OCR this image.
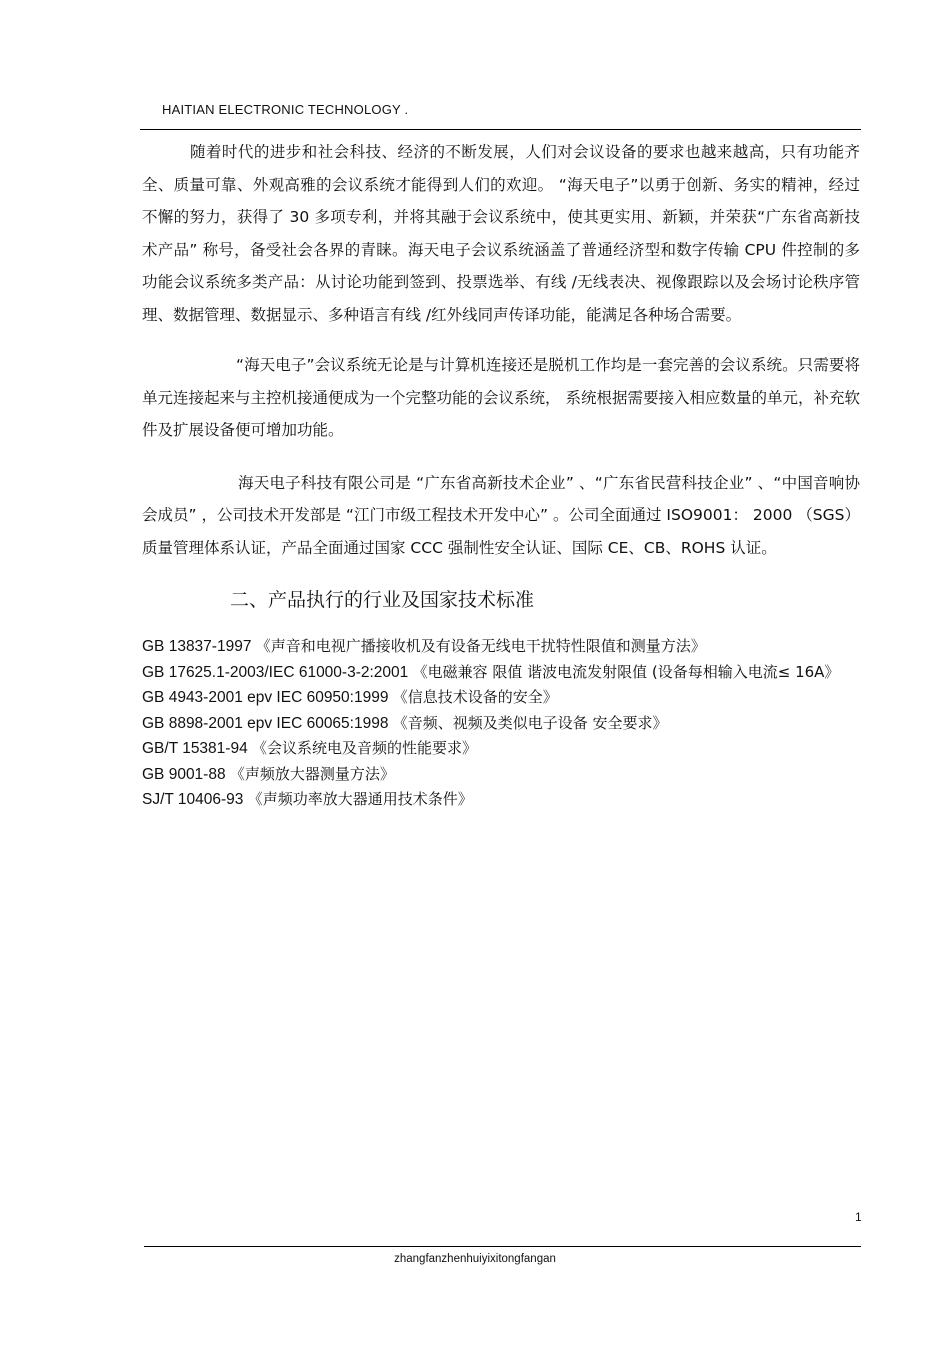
HAITIAN ELECTRONIC TECHNOLOGY .

随着时代的进步和社会科技、经济的不断发展，人们对会议设备的要求也越来越高，只有功能齐全、质量可靠、外观高雅的会议系统才能得到人们的欢迎。 “海天电子”以勇于创新、务实的精神，经过不懈的努力，获得了 30 多项专利，并将其融于会议系统中，使其更实用、新颖，并荣获“广东省高新技术产品” 称号，备受社会各界的青睐。海天电子会议系统涵盖了普通经济型和数字传输 CPU 件控制的多功能会议系统多类产品：从讨论功能到签到、投票选举、有线 /无线表决、视像跟踪以及会场讨论秩序管理、数据管理、数据显示、多种语言有线 /红外线同声传译功能，能满足各种场合需要。

“海天电子”会议系统无论是与计算机连接还是脱机工作均是一套完善的会议系统。只需要将单元连接起来与主控机接通便成为一个完整功能的会议系统， 系统根据需要接入相应数量的单元，补充软件及扩展设备便可增加功能。

海天电子科技有限公司是 “广东省高新技术企业” 、“广东省民营科技企业” 、“中国音响协会成员” ，公司技术开发部是 “江门市级工程技术开发中心” 。公司全面通过 ISO9001： 2000 （SGS）质量管理体系认证，产品全面通过国家 CCC 强制性安全认证、国际 CE、CB、ROHS 认证。

二、产品执行的行业及国家技术标准

GB 13837-1997 《声音和电视广播接收机及有设备无线电干扰特性限值和测量方法》

GB 17625.1-2003/IEC 61000-3-2:2001 《电磁兼容 限值 谐波电流发射限值 (设备每相输入电流≤ 16A》

GB 4943-2001 epv IEC 60950:1999 《信息技术设备的安全》

GB 8898-2001 epv IEC 60065:1998 《音频、视频及类似电子设备 安全要求》

GB/T 15381-94 《会议系统电及音频的性能要求》

GB 9001-88 《声频放大器测量方法》

SJ/T 10406-93 《声频功率放大器通用技术条件》

1
zhangfanzhenhuiyixitongfangan
